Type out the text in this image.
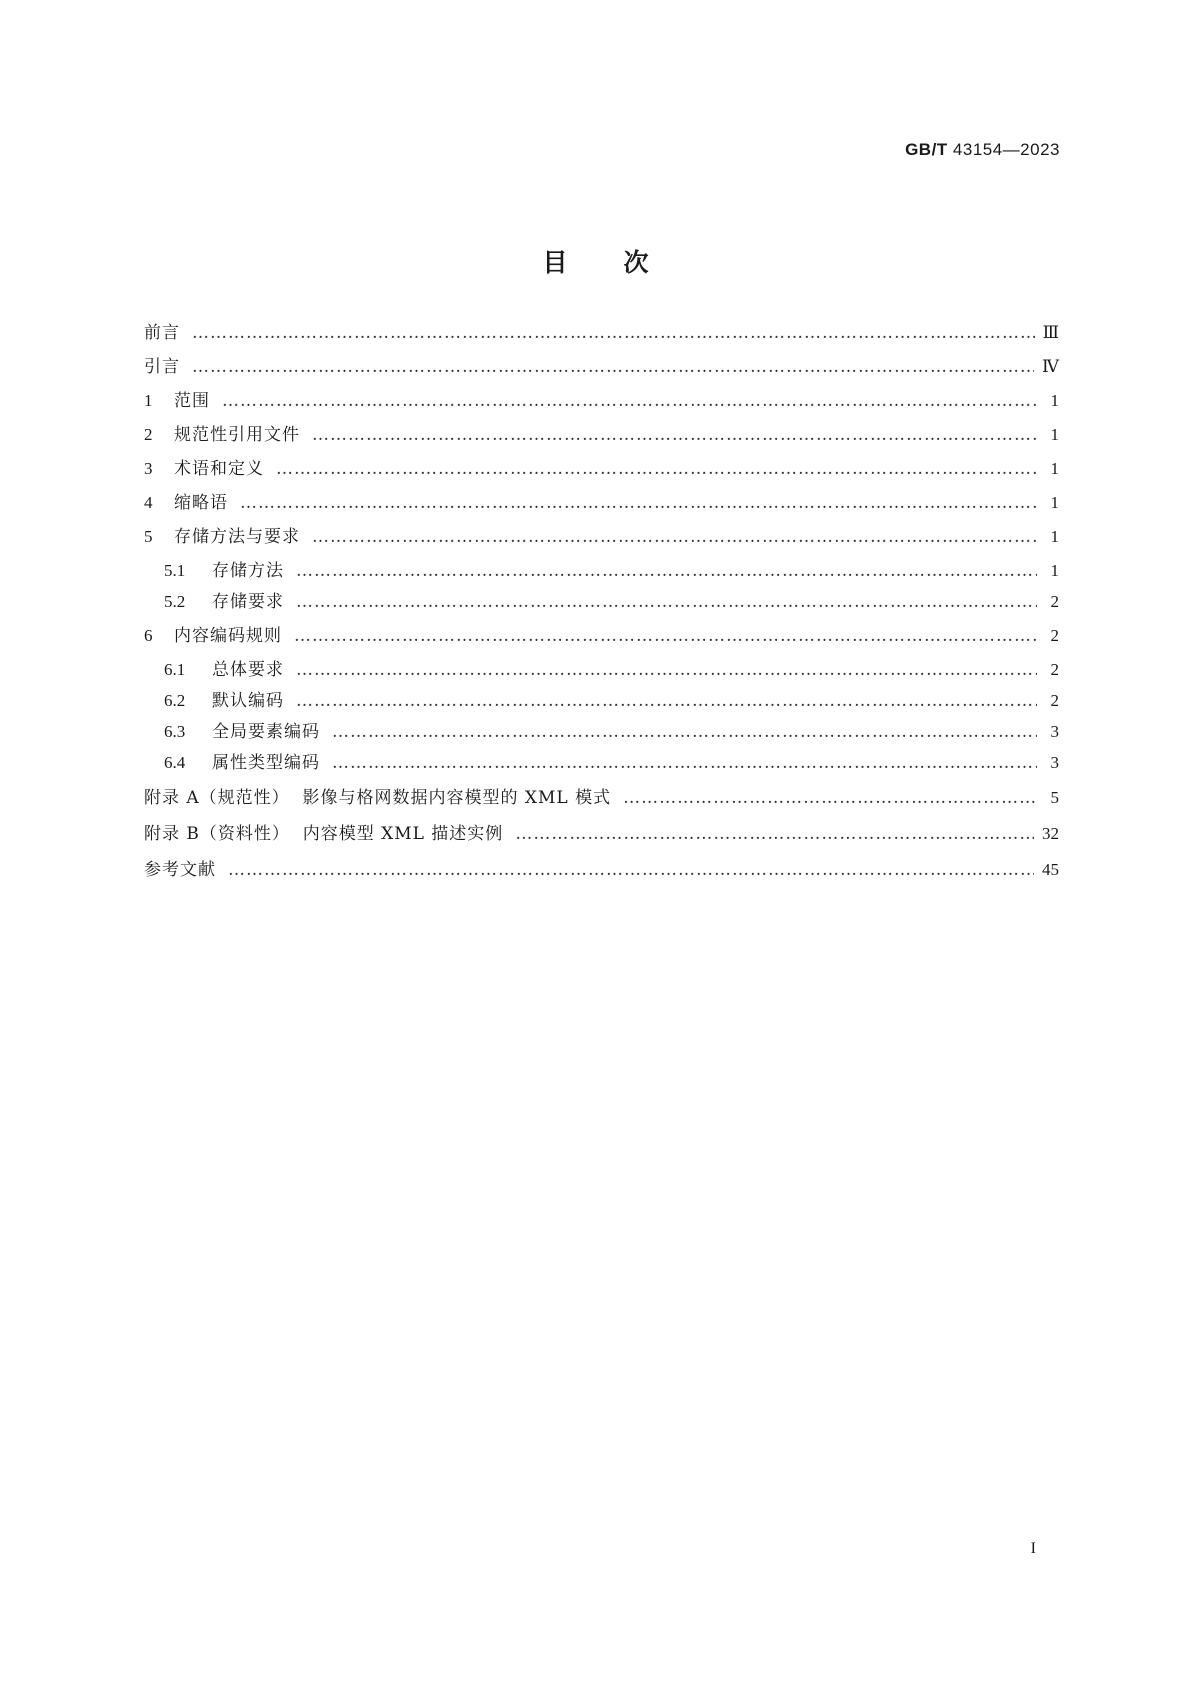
GB/T 43154—2023
目次
前言 ……………………………………………………………………………………………………………………………………………………………………………………………………………	Ⅲ
引言 ……………………………………………………………………………………………………………………………………………………………………………………………………………	Ⅳ
1	范围 ……………………………………………………………………………………………………………………………………………………………………………………………………………	1
2	规范性引用文件 ……………………………………………………………………………………………………………………………………………………………………………………………………………	1
3	术语和定义 ……………………………………………………………………………………………………………………………………………………………………………………………………………	1
4	缩略语 ……………………………………………………………………………………………………………………………………………………………………………………………………………	1
5	存储方法与要求 ……………………………………………………………………………………………………………………………………………………………………………………………………………	1
5.1	存储方法 ……………………………………………………………………………………………………………………………………………………………………………………………………………	1
5.2	存储要求 ……………………………………………………………………………………………………………………………………………………………………………………………………………	2
6	内容编码规则 ……………………………………………………………………………………………………………………………………………………………………………………………………………	2
6.1	总体要求 ……………………………………………………………………………………………………………………………………………………………………………………………………………	2
6.2	默认编码 ……………………………………………………………………………………………………………………………………………………………………………………………………………	2
6.3	全局要素编码 ……………………………………………………………………………………………………………………………………………………………………………………………………………	3
6.4	属性类型编码 ……………………………………………………………………………………………………………………………………………………………………………………………………………	3
附录 A（规范性）  影像与格网数据内容模型的 XML 模式 ……………………………………………………………………………………………………………………………………………………………………………………………………………	5
附录 B（资料性）  内容模型 XML 描述实例 ……………………………………………………………………………………………………………………………………………………………………………………………………………	32
参考文献 ……………………………………………………………………………………………………………………………………………………………………………………………………………	45
I
